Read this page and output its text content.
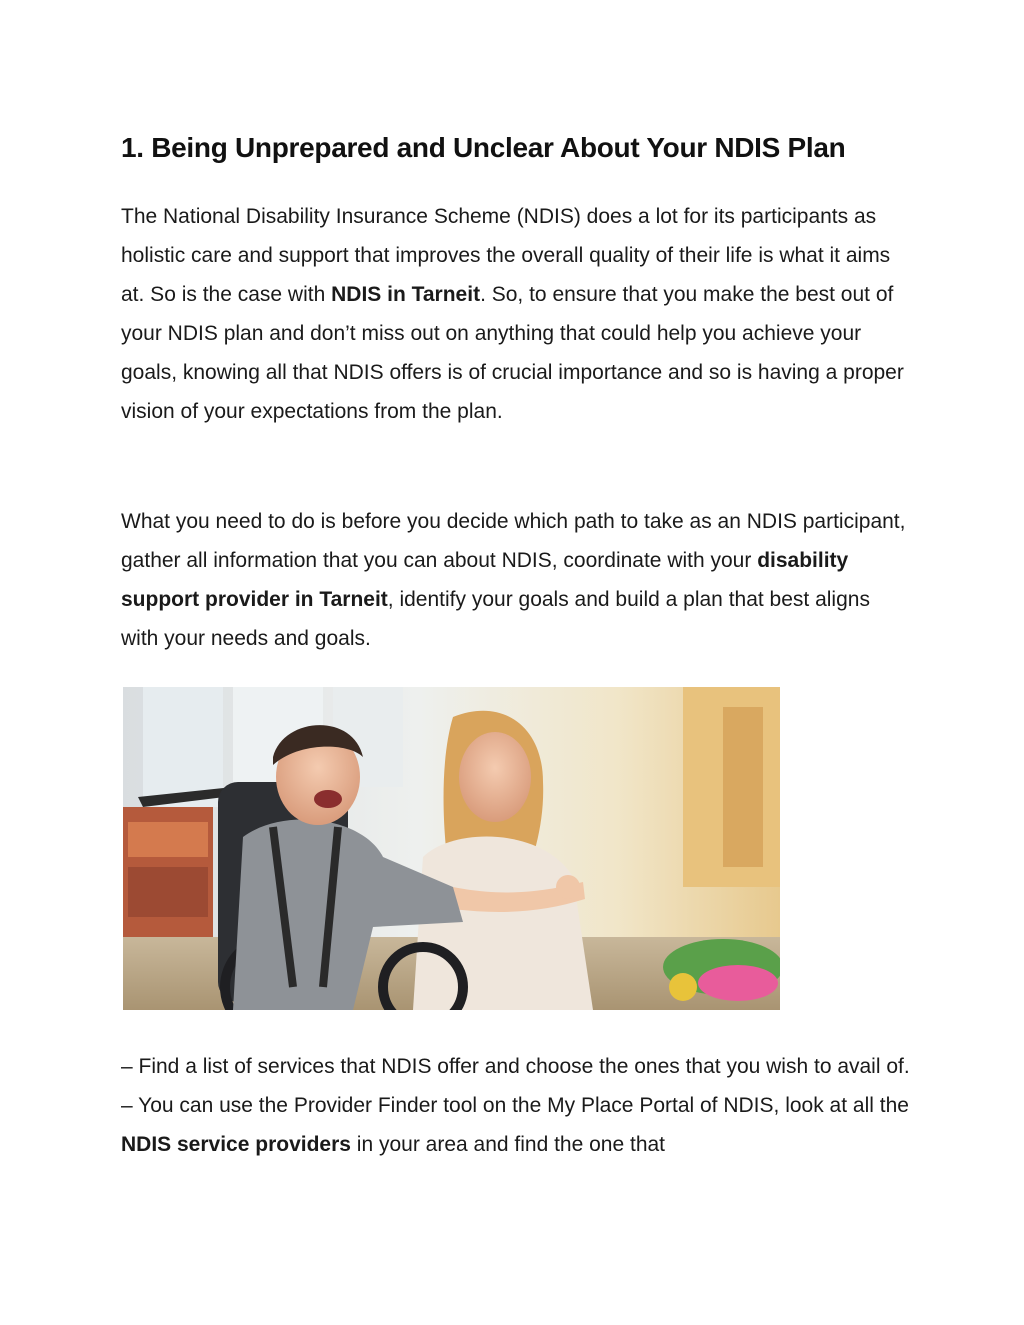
1. Being Unprepared and Unclear About Your NDIS Plan

The National Disability Insurance Scheme (NDIS) does a lot for its participants as holistic care and support that improves the overall quality of their life is what it aims at. So is the case with NDIS in Tarneit. So, to ensure that you make the best out of your NDIS plan and don’t miss out on anything that could help you achieve your goals, knowing all that NDIS offers is of crucial importance and so is having a proper vision of your expectations from the plan.

What you need to do is before you decide which path to take as an NDIS participant, gather all information that you can about NDIS, coordinate with your disability support provider in Tarneit, identify your goals and build a plan that best aligns with your needs and goals.

– Find a list of services that NDIS offer and choose the ones that you wish to avail of.
– You can use the Provider Finder tool on the My Place Portal of NDIS, look at all the NDIS service providers in your area and find the one that
